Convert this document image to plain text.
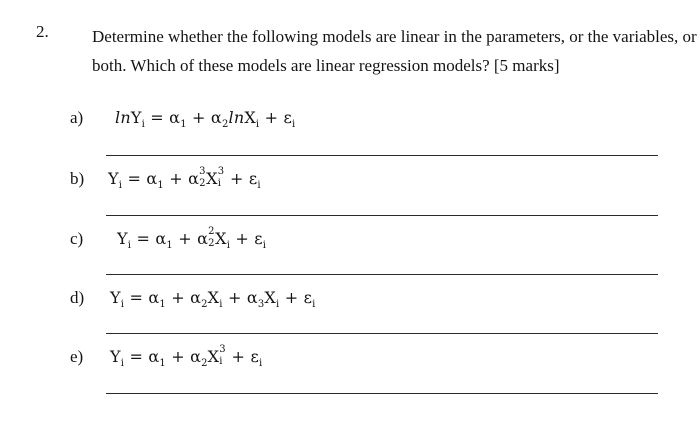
2.	Determine whether the following models are linear in the parameters, or the variables, or
both. Which of these models are linear regression models? [5 marks]
a)	$\ln Y_i = \alpha_1 + \alpha_2\ln X_i + \varepsilon_i$
b)	$Y_i = \alpha_1 + \alpha$ 3
2 X 3
$i + \varepsilon_i$
c)	$Y_i = \alpha_1 + \alpha$ 2
2 $X_i + \varepsilon_i$
d)	$Y_i = \alpha_1 + \alpha_2X_i + \alpha_3X_i + \varepsilon_i$
e)	$Y_i = \alpha_1 + \alpha_2X$ 3
$i + \varepsilon_i$
